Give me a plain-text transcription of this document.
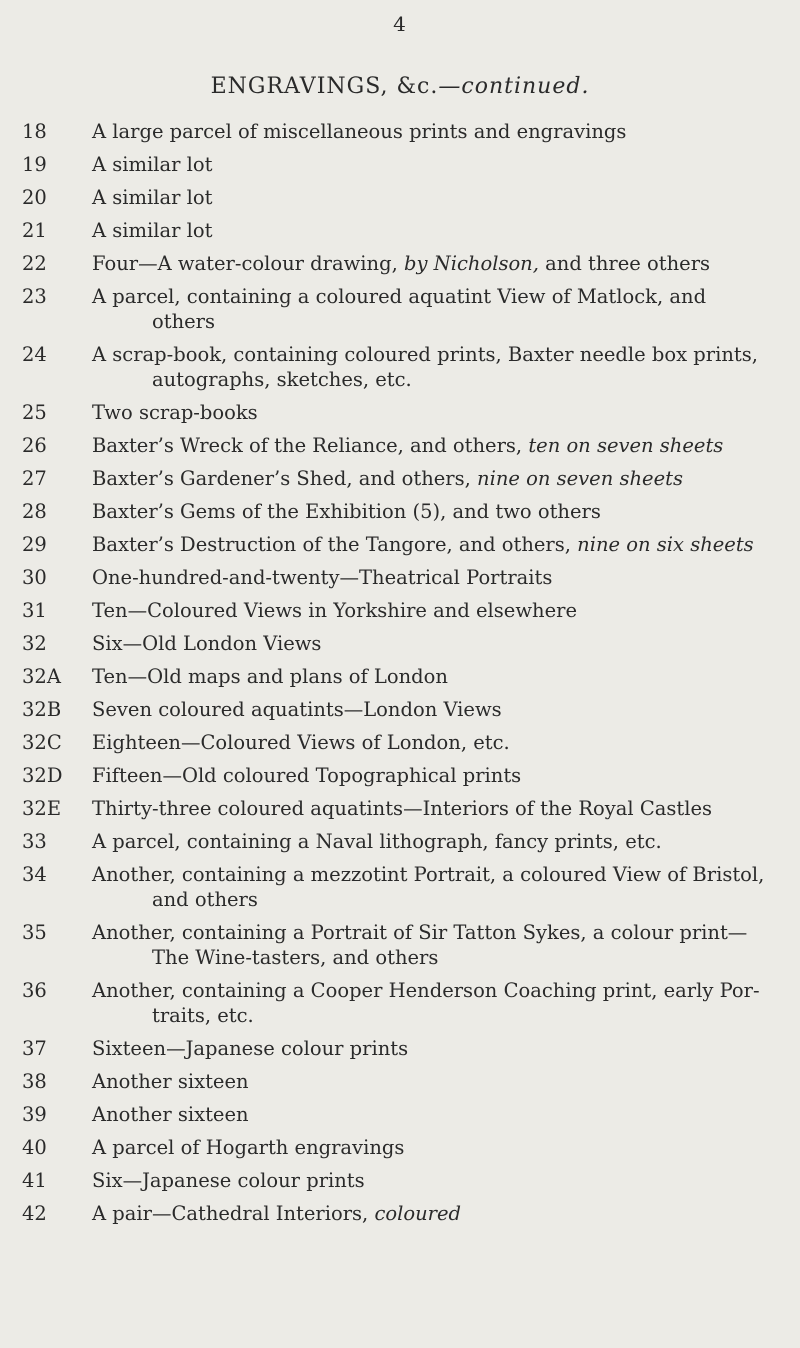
4
ENGRAVINGS, &c.—continued.
18	A large parcel of miscellaneous prints and engravings
19	A similar lot
20	A similar lot
21	A similar lot
22	Four—A water-colour drawing, by Nicholson, and three others
23	A parcel, containing a coloured aquatint View of Matlock, and
others
24	A scrap-book, containing coloured prints, Baxter needle box prints,
autographs, sketches, etc.
25	Two scrap-books
26	Baxter’s Wreck of the Reliance, and others, ten on seven sheets
27	Baxter’s Gardener’s Shed, and others, nine on seven sheets
28	Baxter’s Gems of the Exhibition (5), and two others
29	Baxter’s Destruction of the Tangore, and others, nine on six sheets
30	One-hundred-and-twenty—Theatrical Portraits
31	Ten—Coloured Views in Yorkshire and elsewhere
32	Six—Old London Views
32A	Ten—Old maps and plans of London
32B	Seven coloured aquatints—London Views
32C	Eighteen—Coloured Views of London, etc.
32D	Fifteen—Old coloured Topographical prints
32E	Thirty-three coloured aquatints—Interiors of the Royal Castles
33	A parcel, containing a Naval lithograph, fancy prints, etc.
34	Another, containing a mezzotint Portrait, a coloured View of Bristol,
and others
35	Another, containing a Portrait of Sir Tatton Sykes, a colour print—
The Wine-tasters, and others
36	Another, containing a Cooper Henderson Coaching print, early Por-
traits, etc.
37	Sixteen—Japanese colour prints
38	Another sixteen
39	Another sixteen
40	A parcel of Hogarth engravings
41	Six—Japanese colour prints
42	A pair—Cathedral Interiors, coloured
